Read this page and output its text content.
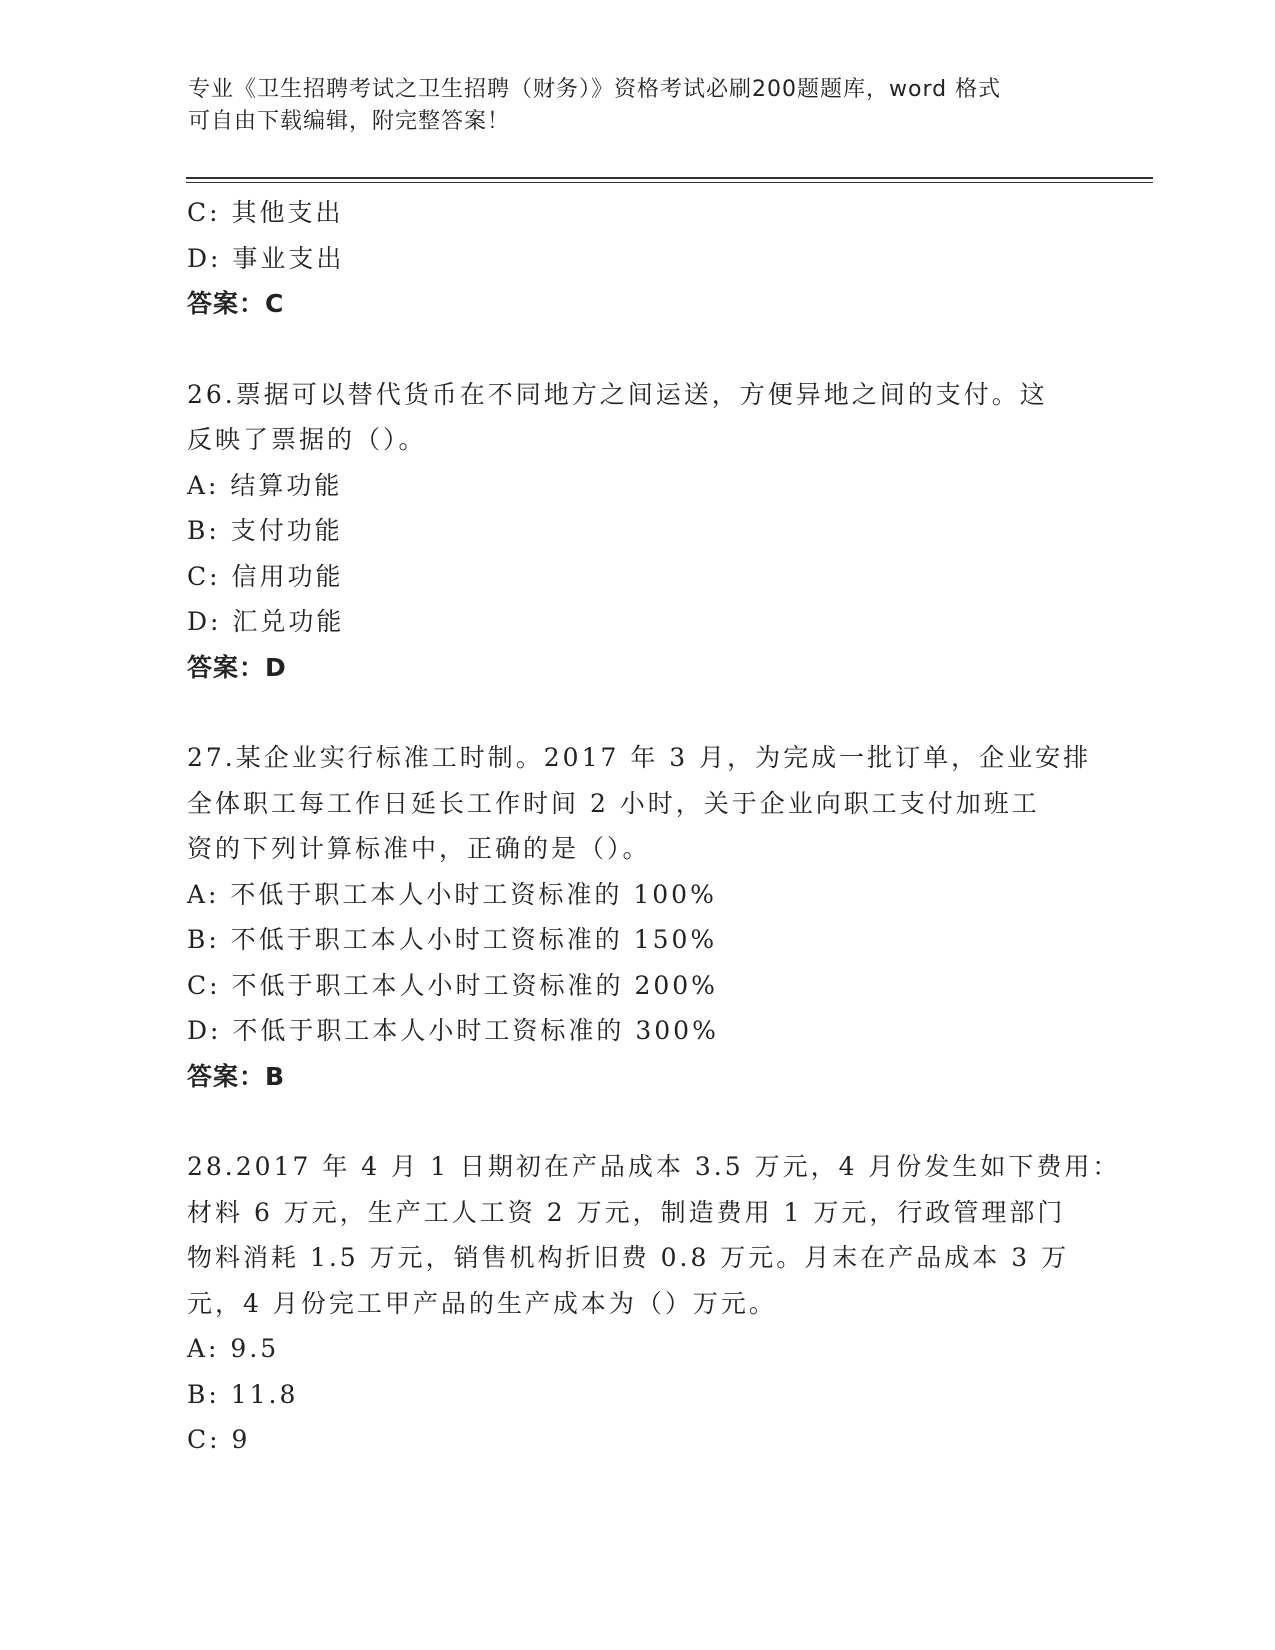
专业《卫生招聘考试之卫生招聘（财务）》资格考试必刷200题题库，word 格式
可自由下载编辑，附完整答案！
C: 其他支出
D: 事业支出
答案：C
26.票据可以替代货币在不同地方之间运送，方便异地之间的支付。这
反映了票据的（）。
A: 结算功能
B: 支付功能
C: 信用功能
D: 汇兑功能
答案：D
27.某企业实行标准工时制。2017 年 3 月，为完成一批订单，企业安排
全体职工每工作日延长工作时间 2 小时，关于企业向职工支付加班工
资的下列计算标准中，正确的是（）。
A: 不低于职工本人小时工资标准的 100%
B: 不低于职工本人小时工资标准的 150%
C: 不低于职工本人小时工资标准的 200%
D: 不低于职工本人小时工资标准的 300%
答案：B
28.2017 年 4 月 1 日期初在产品成本 3.5 万元，4 月份发生如下费用：
材料 6 万元，生产工人工资 2 万元，制造费用 1 万元，行政管理部门
物料消耗 1.5 万元，销售机构折旧费 0.8 万元。月末在产品成本 3 万
元，4 月份完工甲产品的生产成本为（）万元。
A: 9.5
B: 11.8
C: 9
